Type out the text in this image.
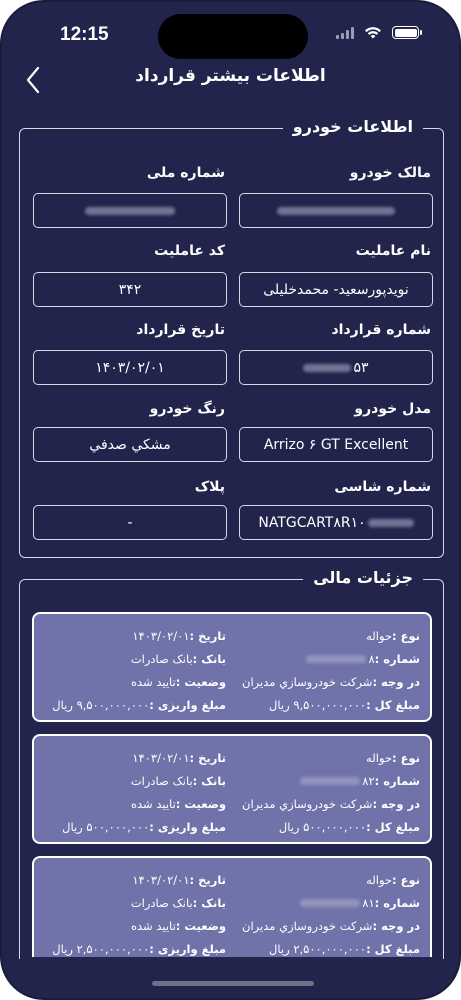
12:15
اطلاعات بیشتر قرارداد
اطلاعات خودرو
مالک خودرو
شماره ملی
نام عاملیت
کد عاملیت
نویدپورسعید- محمدخلیلی
۳۴۲
شماره قرارداد
تاریخ قرارداد
۵۳
۱۴۰۳/۰۲/۰۱
مدل خودرو
رنگ خودرو
Arrizo ۶ GT Excellent
مشکي صدفي
شماره شاسی
پلاک
NATGCART۸R۱۰
-
جزئیات مالی
نوع :حواله
شماره :۸
در وجه :شرکت خودروسازي مديران
مبلغ کل :۹,۵۰۰,۰۰۰,۰۰۰ ریال
تاریخ :۱۴۰۳/۰۲/۰۱
بانک :بانک صادرات
وضعیت :تایید شده
مبلغ واریزی :۹,۵۰۰,۰۰۰,۰۰۰ ریال
نوع :حواله
شماره :۸۲
در وجه :شرکت خودروسازي مديران
مبلغ کل :۵۰۰,۰۰۰,۰۰۰ ریال
تاریخ :۱۴۰۳/۰۲/۰۱
بانک :بانک صادرات
وضعیت :تایید شده
مبلغ واریزی :۵۰۰,۰۰۰,۰۰۰ ریال
نوع :حواله
شماره :۸۱
در وجه :شرکت خودروسازي مديران
مبلغ کل :۲,۵۰۰,۰۰۰,۰۰۰ ریال
تاریخ :۱۴۰۳/۰۲/۰۱
بانک :بانک صادرات
وضعیت :تایید شده
مبلغ واریزی :۲,۵۰۰,۰۰۰,۰۰۰ ریال
